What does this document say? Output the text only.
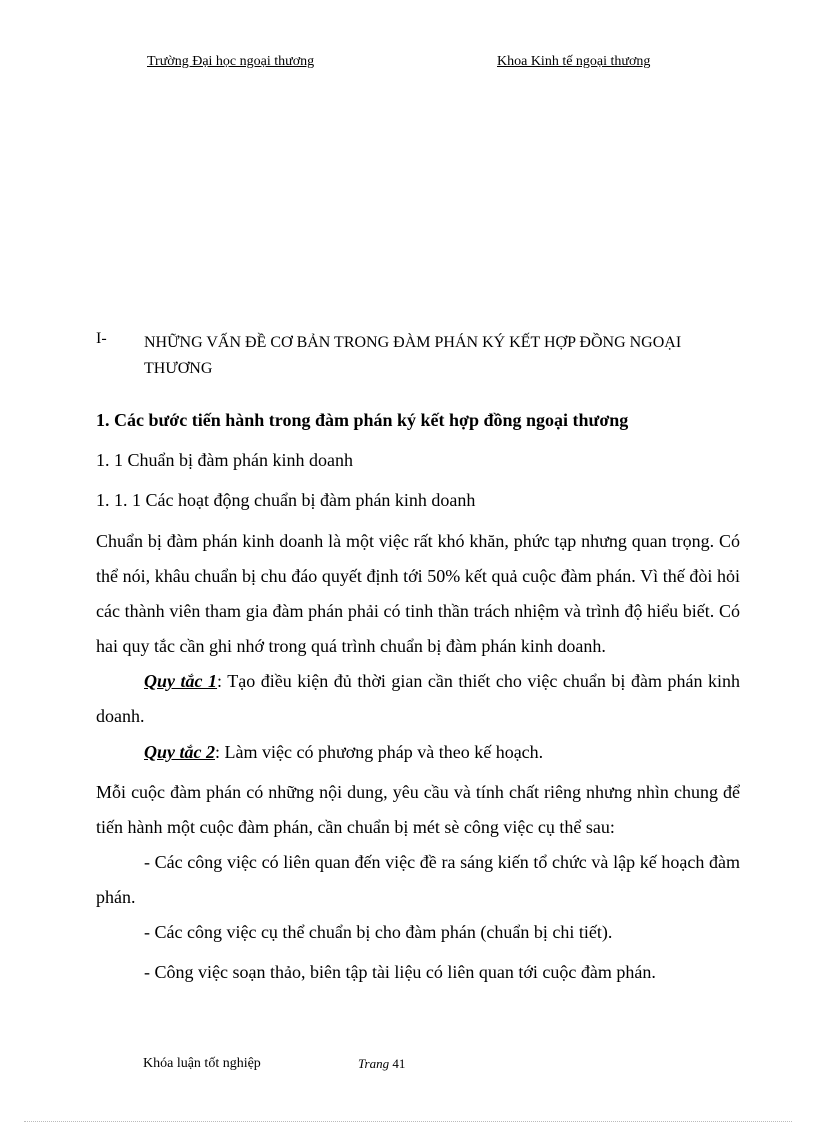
Trường Đại học ngoại thương	Khoa Kinh tế ngoại thương
I- NHỮNG VẤN ĐỀ CƠ BẢN TRONG ĐÀM PHÁN KÝ KẾT HỢP ĐỒNG NGOẠI THƯƠNG
1. Các bước tiến hành trong đàm phán ký kết hợp đồng ngoại thương
1. 1 Chuẩn bị đàm phán kinh doanh
1. 1. 1 Các hoạt động chuẩn bị đàm phán kinh doanh

Chuẩn bị đàm phán kinh doanh là một việc rất khó khăn, phức tạp nhưng quan trọng. Có thể nói, khâu chuẩn bị chu đáo quyết định tới 50% kết quả cuộc đàm phán. Vì thế đòi hỏi các thành viên tham gia đàm phán phải có tinh thần trách nhiệm và trình độ hiểu biết. Có hai quy tắc cần ghi nhớ trong quá trình chuẩn bị đàm phán kinh doanh.

Quy tắc 1: Tạo điều kiện đủ thời gian cần thiết cho việc chuẩn bị đàm phán kinh doanh.

Quy tắc 2: Làm việc có phương pháp và theo kế hoạch.

Mỗi cuộc đàm phán có những nội dung, yêu cầu và tính chất riêng nhưng nhìn chung để tiến hành một cuộc đàm phán, cần chuẩn bị mét sè công việc cụ thể sau:

- Các công việc có liên quan đến việc đề ra sáng kiến tổ chức và lập kế hoạch đàm phán.

- Các công việc cụ thể chuẩn bị cho đàm phán (chuẩn bị chi tiết).

- Công việc soạn thảo, biên tập tài liệu có liên quan tới cuộc đàm phán.

Khóa luận tốt nghiệp	Trang 41
